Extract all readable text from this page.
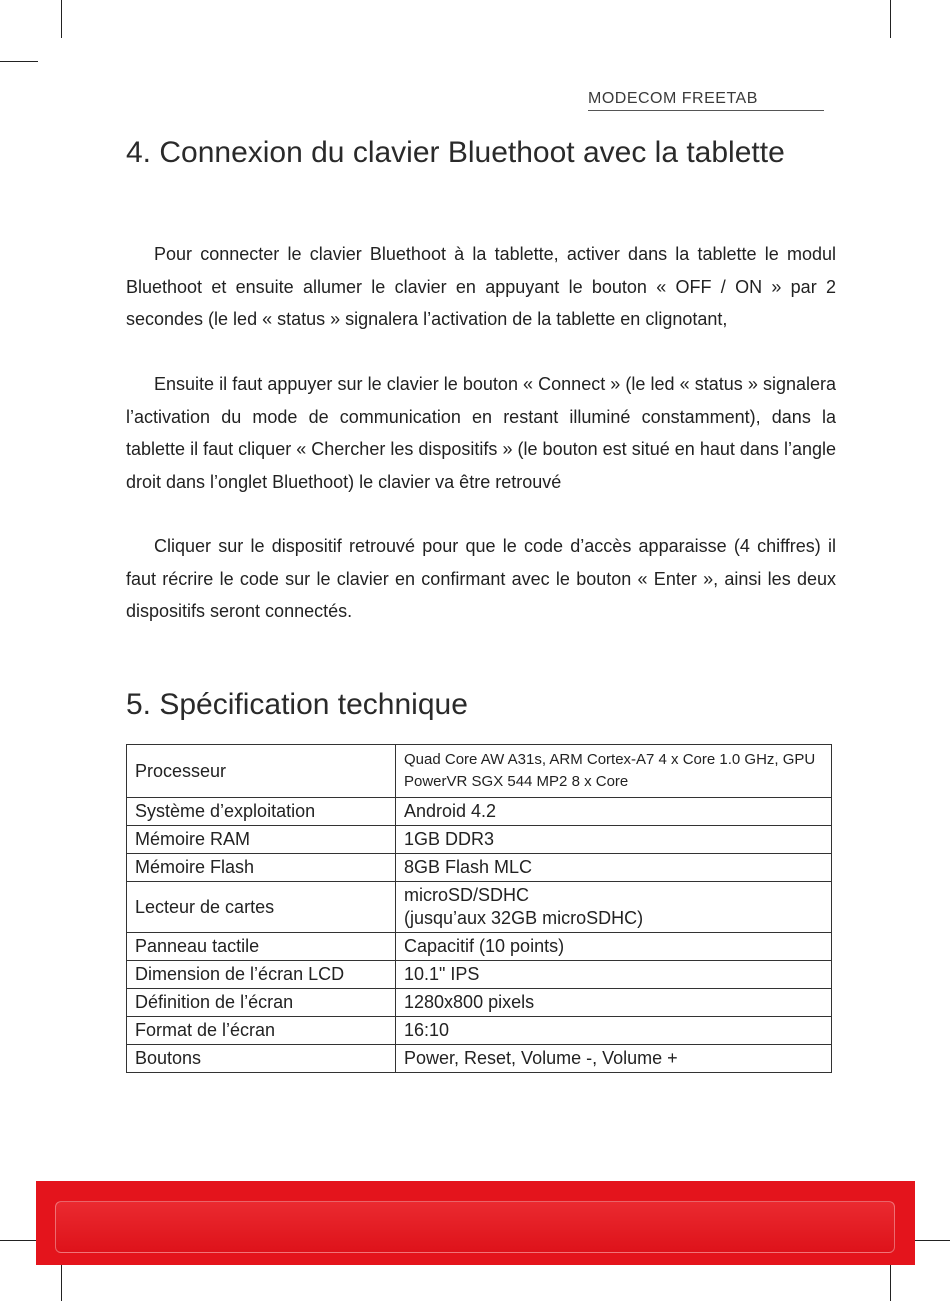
MODECOM FREETAB
4. Connexion du clavier Bluethoot avec la tablette

Pour connecter le clavier Bluethoot à la tablette, activer dans la tablette le modul Bluethoot et ensuite allumer le clavier en appuyant le bouton « OFF / ON » par 2 secondes (le led « status » signalera l’activation de la tablette en clignotant,

Ensuite il faut appuyer sur le clavier le bouton « Connect » (le led « status » signalera l’activation du mode de communication en restant illuminé constamment), dans la tablette il faut cliquer « Chercher les dispositifs » (le bouton est situé en haut dans l’angle droit dans l’onglet Bluethoot) le clavier va être retrouvé

Cliquer sur le dispositif retrouvé pour que le code d’accès apparaisse (4 chiffres) il faut récrire le code sur le clavier en confirmant avec le bouton « Enter », ainsi les deux dispositifs seront connectés.

5. Spécification technique
Processeur	Quad Core AW A31s, ARM Cortex-A7 4 x Core 1.0 GHz, GPU PowerVR SGX 544 MP2 8 x Core
Système d’exploitation	Android 4.2
Mémoire RAM	1GB DDR3
Mémoire Flash	8GB Flash MLC
Lecteur de cartes	microSD/SDHC
(jusqu’aux 32GB microSDHC)

Panneau tactile	Capacitif (10 points)
Dimension de l’écran LCD	10.1" IPS
Définition de l’écran	1280x800 pixels
Format de l’écran	16:10
Boutons	Power, Reset, Volume -, Volume +
